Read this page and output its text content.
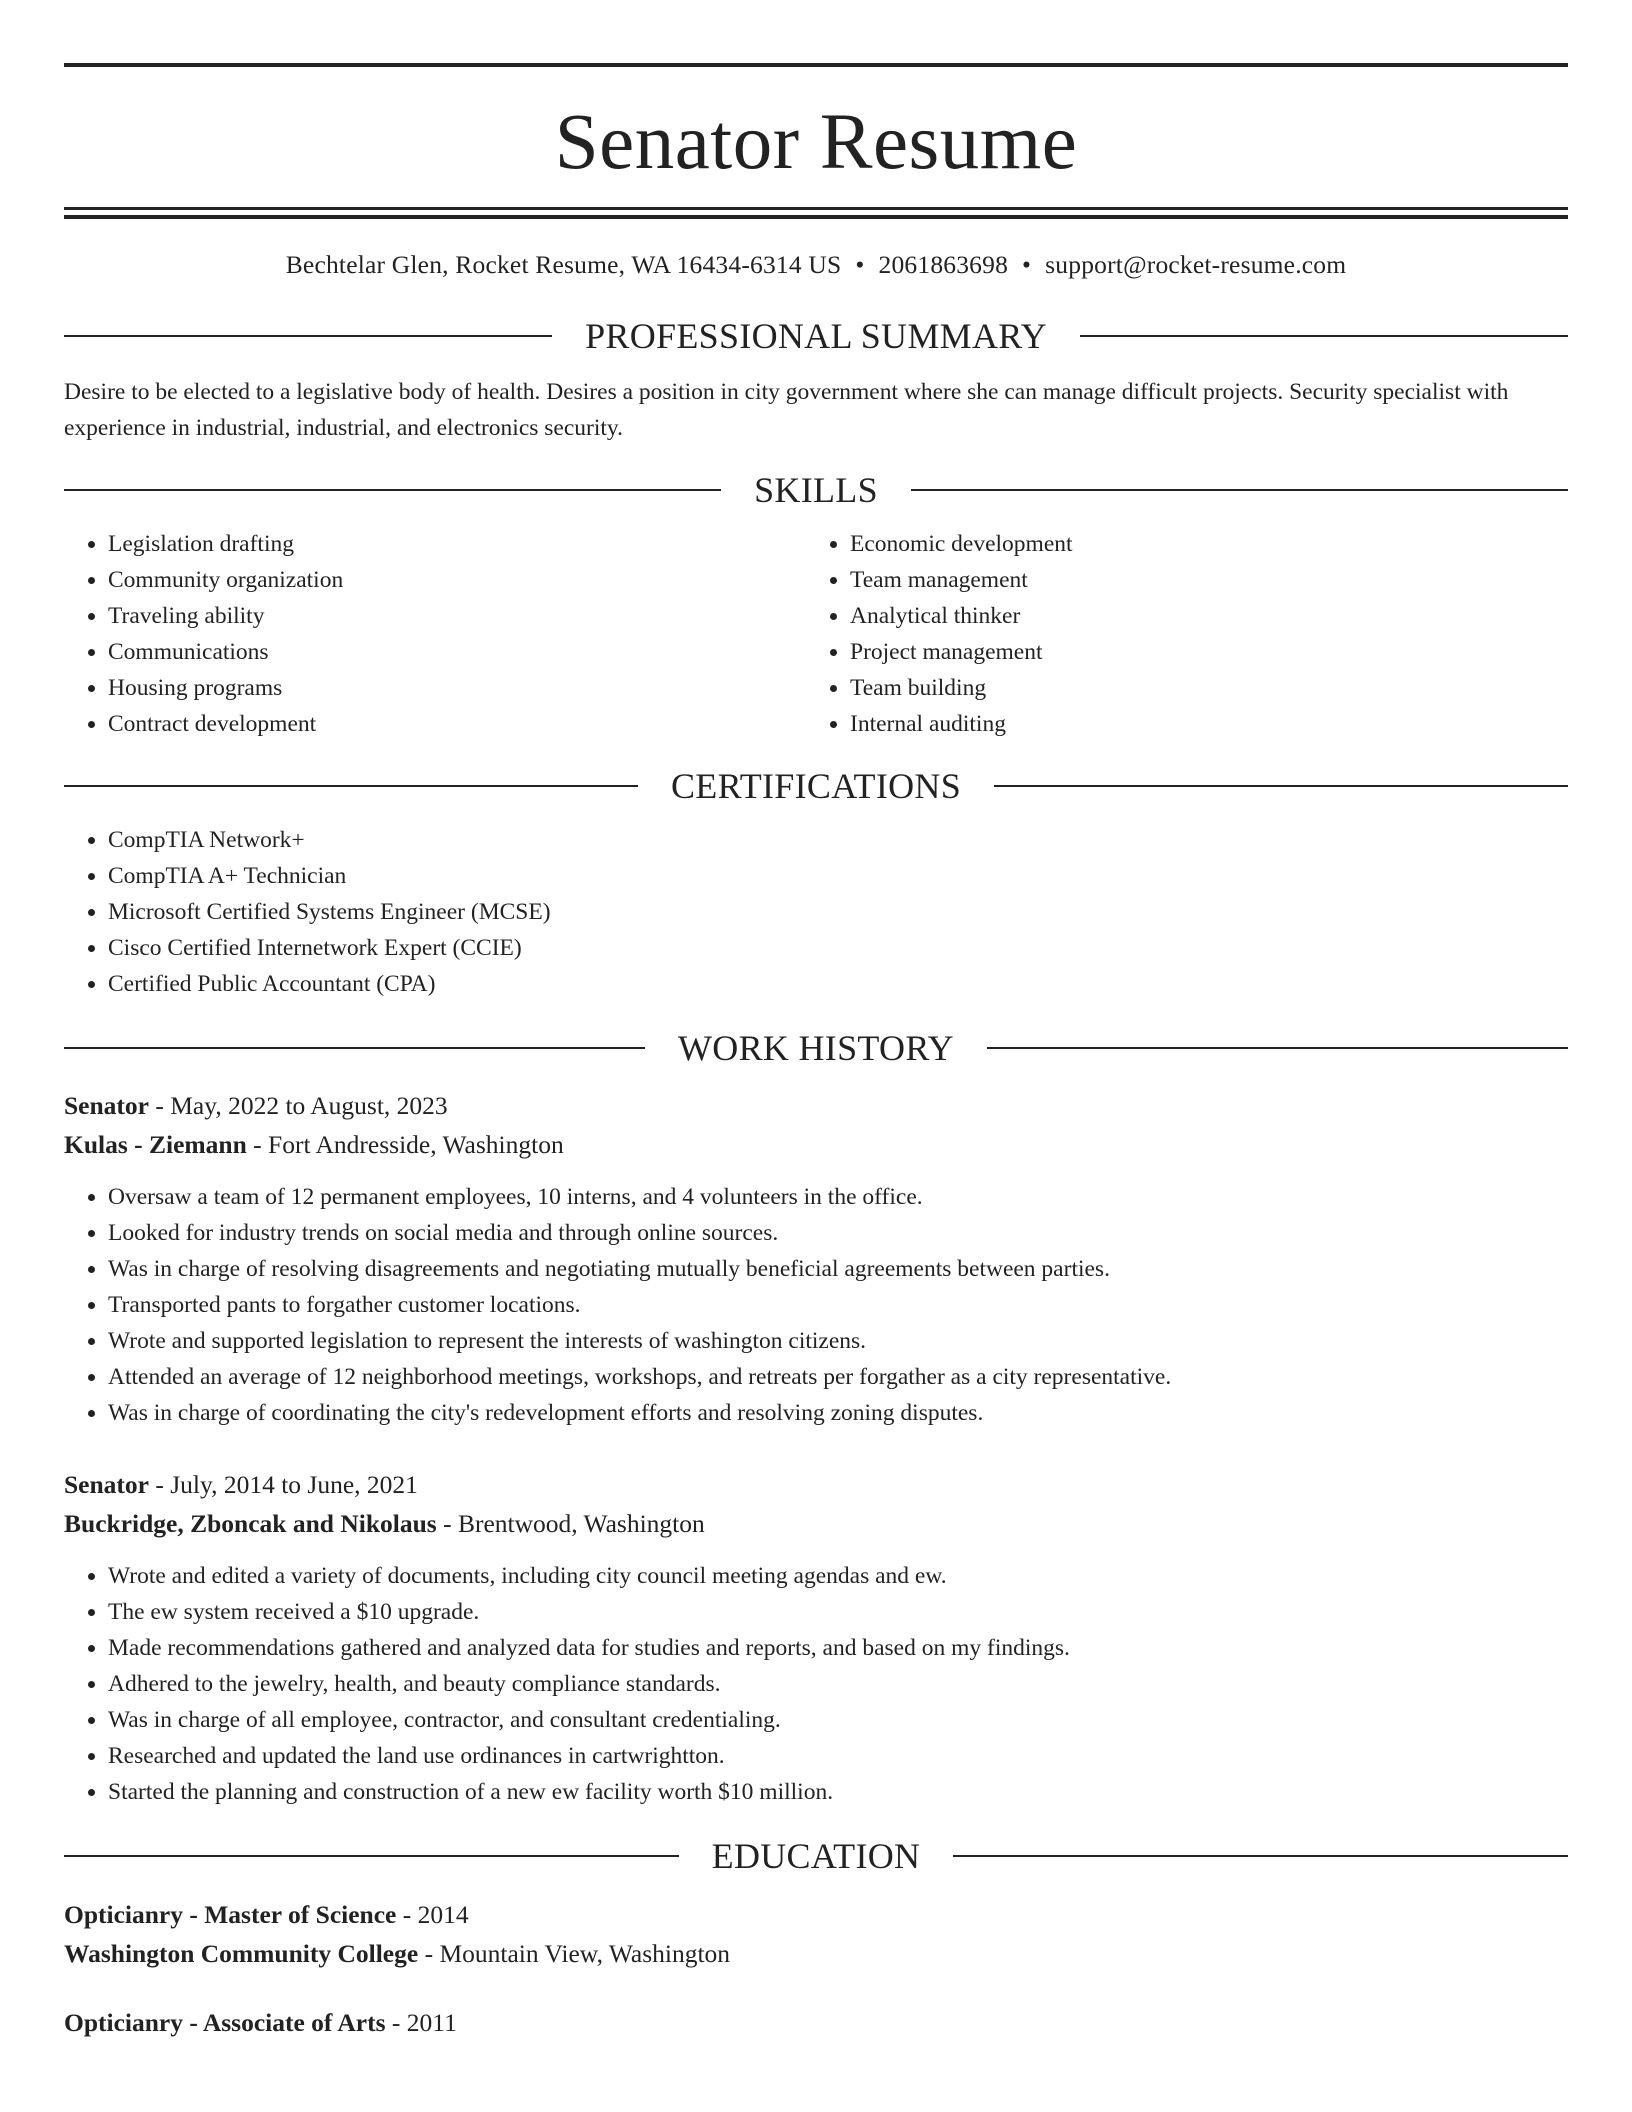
Senator Resume
Bechtelar Glen, Rocket Resume, WA 16434-6314 US • 2061863698 • support@rocket-resume.com
PROFESSIONAL SUMMARY

Desire to be elected to a legislative body of health. Desires a position in city government where she can manage difficult projects. Security specialist with experience in industrial, industrial, and electronics security.

SKILLS
• Legislation drafting
• Community organization
• Traveling ability
• Communications
• Housing programs
• Contract development
• Economic development
• Team management
• Analytical thinker
• Project management
• Team building
• Internal auditing
CERTIFICATIONS
• CompTIA Network+
• CompTIA A+ Technician
• Microsoft Certified Systems Engineer (MCSE)
• Cisco Certified Internetwork Expert (CCIE)
• Certified Public Accountant (CPA)
WORK HISTORY
Senator - May, 2022 to August, 2023
Kulas - Ziemann - Fort Andresside, Washington
• Oversaw a team of 12 permanent employees, 10 interns, and 4 volunteers in the office.
• Looked for industry trends on social media and through online sources.
• Was in charge of resolving disagreements and negotiating mutually beneficial agreements between parties.
• Transported pants to forgather customer locations.
• Wrote and supported legislation to represent the interests of washington citizens.
• Attended an average of 12 neighborhood meetings, workshops, and retreats per forgather as a city representative.
• Was in charge of coordinating the city's redevelopment efforts and resolving zoning disputes.
Senator - July, 2014 to June, 2021
Buckridge, Zboncak and Nikolaus - Brentwood, Washington
• Wrote and edited a variety of documents, including city council meeting agendas and ew.
• The ew system received a $10 upgrade.
• Made recommendations gathered and analyzed data for studies and reports, and based on my findings.
• Adhered to the jewelry, health, and beauty compliance standards.
• Was in charge of all employee, contractor, and consultant credentialing.
• Researched and updated the land use ordinances in cartwrightton.
• Started the planning and construction of a new ew facility worth $10 million.
EDUCATION
Opticianry - Master of Science - 2014
Washington Community College - Mountain View, Washington
Opticianry - Associate of Arts - 2011
